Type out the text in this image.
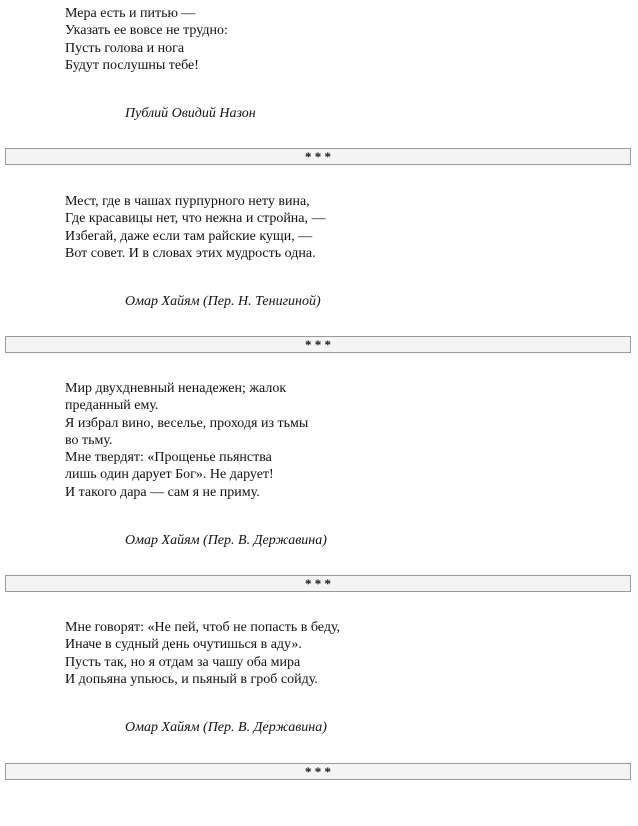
Мера есть и питью —
Указать ее вовсе не трудно:
Пусть голова и нога
Будут послушны тебе!
Публий Овидий Назон
* * *
Мест, где в чашах пурпурного нету вина,
Где красавицы нет, что нежна и стройна, —
Избегай, даже если там райские кущи, —
Вот совет. И в словах этих мудрость одна.
Омар Хайям (Пер. Н. Тенигиной)
* * *
Мир двухдневный ненадежен; жалок
преданный ему.
Я избрал вино, веселье, проходя из тьмы
во тьму.
Мне твердят: «Прощенье пьянства
лишь один дарует Бог». Не дарует!
И такого дара — сам я не приму.
Омар Хайям (Пер. В. Державина)
* * *
Мне говорят: «Не пей, чтоб не попасть в беду,
Иначе в судный день очутишься в аду».
Пусть так, но я отдам за чашу оба мира
И допьяна упьюсь, и пьяный в гроб сойду.
Омар Хайям (Пер. В. Державина)
* * *
